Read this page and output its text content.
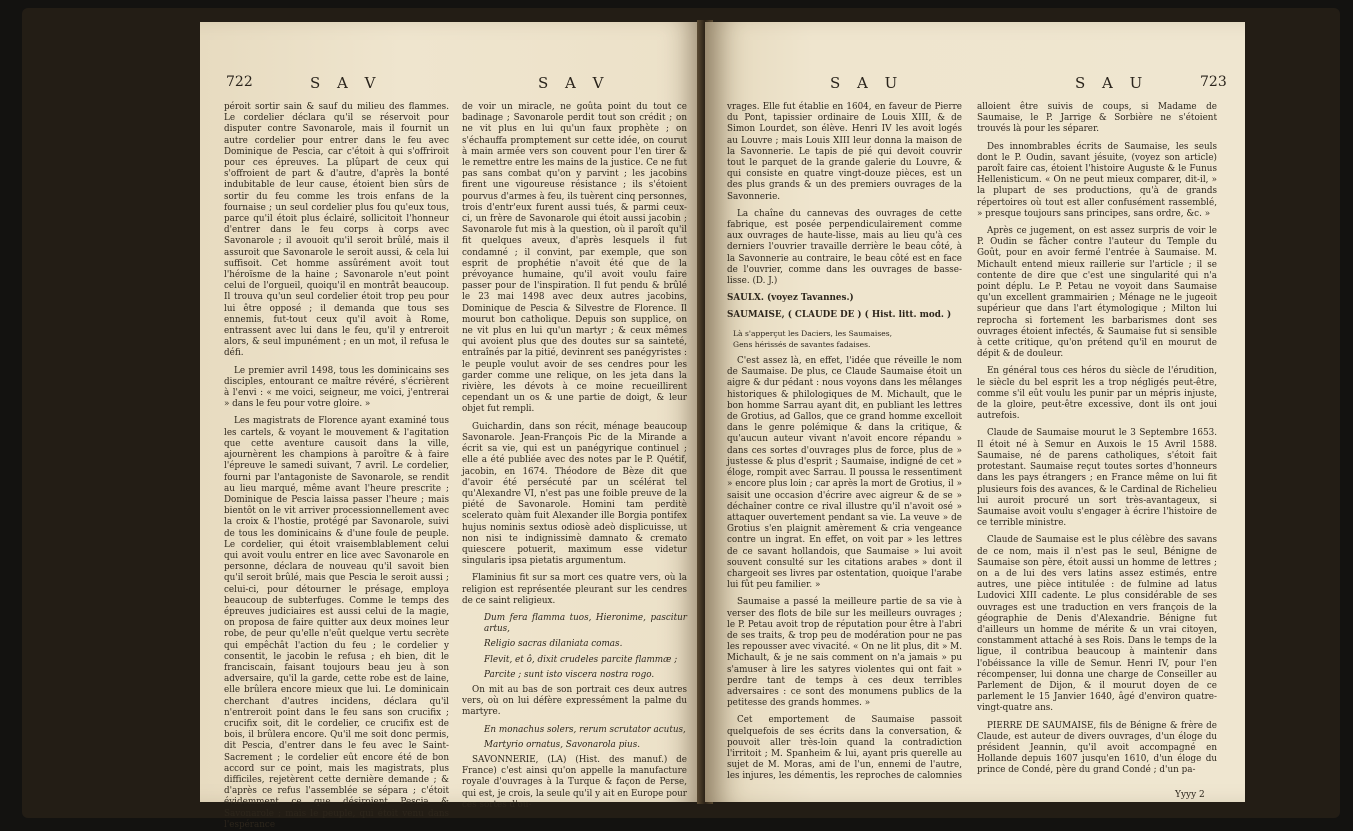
722	S A V	S A V

péroit sortir sain & sauf du milieu des flammes. Le cordelier déclara qu'il se réservoit pour disputer contre Savonarole, mais il fournit un autre cordelier pour entrer dans le feu avec Dominique de Pescia, car c'étoit à qui s'offriroit pour ces épreuves. La plûpart de ceux qui s'offroient de part & d'autre, d'après la bonté indubitable de leur cause, étoient bien sûrs de sortir du feu comme les trois enfans de la fournaise ; un seul cordelier plus fou qu'eux tous, parce qu'il étoit plus éclairé, sollicitoit l'honneur d'entrer dans le feu corps à corps avec Savonarole ; il avouoit qu'il seroit brûlé, mais il assuroit que Savonarole le seroit aussi, & cela lui suffisoit. Cet homme assûrément avoit tout l'héroïsme de la haine ; Savonarole n'eut point celui de l'orgueil, quoiqu'il en montrât beaucoup. Il trouva qu'un seul cordelier étoit trop peu pour lui être opposé ; il demanda que tous ses ennemis, fut-tout ceux qu'il avoit à Rome, entrassent avec lui dans le feu, qu'il y entreroit alors, & seul impunément ; en un mot, il refusa le défi.

Le premier avril 1498, tous les dominicains ses disciples, entourant ce maître révéré, s'écrièrent à l'envi : « me voici, seigneur, me voici, j'entrerai » dans le feu pour votre gloire. »

Les magistrats de Florence ayant examiné tous les cartels, & voyant le mouvement & l'agitation que cette aventure causoit dans la ville, ajournèrent les champions à paroître & à faire l'épreuve le samedi suivant, 7 avril. Le cordelier, fourni par l'antagoniste de Savonarole, se rendit au lieu marqué, même avant l'heure prescrite ; Dominique de Pescia laissa passer l'heure ; mais bientôt on le vit arriver processionnellement avec la croix & l'hostie, protégé par Savonarole, suivi de tous les dominicains & d'une foule de peuple. Le cordelier, qui étoit vraisemblablement celui qui avoit voulu entrer en lice avec Savonarole en personne, déclara de nouveau qu'il savoit bien qu'il seroit brûlé, mais que Pescia le seroit aussi ; celui-ci, pour détourner le présage, employa beaucoup de subterfuges. Comme le temps des épreuves judiciaires est aussi celui de la magie, on proposa de faire quitter aux deux moines leur robe, de peur qu'elle n'eût quelque vertu secrète qui empêchât l'action du feu ; le cordelier y consentit, le jacobin le refusa ; eh bien, dit le franciscain, faisant toujours beau jeu à son adversaire, qu'il la garde, cette robe est de laine, elle brûlera encore mieux que lui. Le dominicain cherchant d'autres incidens, déclara qu'il n'entreroit point dans le feu sans son crucifix ; crucifix soit, dit le cordelier, ce crucifix est de bois, il brûlera encore. Qu'il me soit donc permis, dit Pescia, d'entrer dans le feu avec le Saint-Sacrement ; le cordelier eût encore été de bon accord sur ce point, mais les magistrats, plus difficiles, rejetèrent cette dernière demande ; & d'après ce refus l'assemblée se sépara ; c'étoit évidemment ce que désiroient Pescia & Savonarole ; mais le peuple, qui étoit venu dans l'espérance

de voir un miracle, ne goûta point du tout ce badinage ; Savonarole perdit tout son crédit ; on ne vit plus en lui qu'un faux prophète ; on s'échauffa promptement sur cette idée, on courut à main armée vers son couvent pour l'en tirer & le remettre entre les mains de la justice. Ce ne fut pas sans combat qu'on y parvint ; les jacobins firent une vigoureuse résistance ; ils s'étoient pourvus d'armes à feu, ils tuèrent cinq personnes, trois d'entr'eux furent aussi tués, & parmi ceux-ci, un frère de Savonarole qui étoit aussi jacobin ; Savonarole fut mis à la question, où il paroît qu'il fit quelques aveux, d'après lesquels il fut condamné ; il convint, par exemple, que son esprit de prophétie n'avoit été que de la prévoyance humaine, qu'il avoit voulu faire passer pour de l'inspiration. Il fut pendu & brûlé le 23 mai 1498 avec deux autres jacobins, Dominique de Pescia & Silvestre de Florence. Il mourut bon catholique. Depuis son supplice, on ne vit plus en lui qu'un martyr ; & ceux mêmes qui avoient plus que des doutes sur sa sainteté, entraînés par la pitié, devinrent ses panégyristes : le peuple voulut avoir de ses cendres pour les garder comme une relique, on les jeta dans la rivière, les dévots à ce moine recueillirent cependant un os & une partie de doigt, & leur objet fut rempli.

Guichardin, dans son récit, ménage beaucoup Savonarole. Jean-François Pic de la Mirande a écrit sa vie, qui est un panégyrique continuel ; elle a été publiée avec des notes par le P. Quétif, jacobin, en 1674. Théodore de Bèze dit que d'avoir été persécuté par un scélérat tel qu'Alexandre VI, n'est pas une foible preuve de la piété de Savonarole. Homini tam perditè scelerato quàm fuit Alexander ille Borgia pontifex hujus nominis sextus odiosè adeò displicuisse, ut non nisi te indignissimè damnato & cremato quiescere potuerit, maximum esse videtur singularis ipsa pietatis argumentum.

Flaminius fit sur sa mort ces quatre vers, où la religion est représentée pleurant sur les cendres de ce saint religieux.

Dum fera flamma tuos, Hieronime, pascitur artus,
Religio sacras dilaniata comas.
Flevit, et ô, dixit crudeles parcite flammæ ;
Parcite ; sunt isto viscera nostra rogo.

On mit au bas de son portrait ces deux autres vers, où on lui défère expressément la palme du martyre.

En monachus solers, rerum scrutator acutus,
Martyrio ornatus, Savonarola pius.

SAVONNERIE, (LA) (Hist. des manuf.) de France) c'est ainsi qu'on appelle la manufacture royale d'ouvrages à la Turque & façon de Perse, qui est, je crois, la seule qu'il y ait en Europe pour ces sortes d'ou-

S A U	S A U	723

vrages. Elle fut établie en 1604, en faveur de Pierre du Pont, tapissier ordinaire de Louis XIII, & de Simon Lourdet, son élève. Henri IV les avoit logés au Louvre ; mais Louis XIII leur donna la maison de la Savonnerie. Le tapis de pié qui devoit couvrir tout le parquet de la grande galerie du Louvre, & qui consiste en quatre vingt-douze pièces, est un des plus grands & un des premiers ouvrages de la Savonnerie.

La chaîne du cannevas des ouvrages de cette fabrique, est posée perpendiculairement comme aux ouvrages de haute-lisse, mais au lieu qu'à ces derniers l'ouvrier travaille derrière le beau côté, à la Savonnerie au contraire, le beau côté est en face de l'ouvrier, comme dans les ouvrages de basse-lisse. (D. J.)

SAULX. (voyez Tavannes.)

SAUMAISE, ( CLAUDE DE ) ( Hist. litt. mod. )

Là s'apperçut les Daciers, les Saumaises,
Gens hérissés de savantes fadaises.

C'est assez là, en effet, l'idée que réveille le nom de Saumaise. De plus, ce Claude Saumaise étoit un aigre & dur pédant : nous voyons dans les mêlanges historiques & philologiques de M. Michault, que le bon homme Sarrau ayant dit, en publiant les lettres de Grotius, ad Gallos, que ce grand homme excelloit dans le genre polémique & dans la critique, & qu'aucun auteur vivant n'avoit encore répandu » dans ces sortes d'ouvrages plus de force, plus de » justesse & plus d'esprit ; Saumaise, indigné de cet » éloge, rompit avec Sarrau. Il poussa le ressentiment » encore plus loin ; car après la mort de Grotius, il » saisit une occasion d'écrire avec aigreur & de se » déchaîner contre ce rival illustre qu'il n'avoit osé » attaquer ouvertement pendant sa vie. La veuve » de Grotius s'en plaignit amèrement & cria vengeance contre un ingrat. En effet, on voit par » les lettres de ce savant hollandois, que Saumaise » lui avoit souvent consulté sur les citations arabes » dont il chargeoit ses livres par ostentation, quoique l'arabe lui fût peu familier. »

Saumaise a passé la meilleure partie de sa vie à verser des flots de bile sur les meilleurs ouvrages ; le P. Petau avoit trop de réputation pour être à l'abri de ses traits, & trop peu de modération pour ne pas les repousser avec vivacité. « On ne lit plus, dit » M. Michault, & je ne sais comment on n'a jamais » pu s'amuser à lire les satyres violentes qui ont fait » perdre tant de temps à ces deux terribles adversaires : ce sont des monumens publics de la petitesse des grands hommes. »

Cet emportement de Saumaise passoit quelquefois de ses écrits dans la conversation, & pouvoit aller très-loin quand la contradiction l'irritoit ; M. Spanheim & lui, ayant pris querelle au sujet de M. Moras, ami de l'un, ennemi de l'autre, les injures, les démentis, les reproches de calomnies

alloient être suivis de coups, si Madame de Saumaise, le P. Jarrige & Sorbière ne s'étoient trouvés là pour les séparer.

Des innombrables écrits de Saumaise, les seuls dont le P. Oudin, savant jésuite, (voyez son article) paroît faire cas, étoient l'histoire Auguste & le Funus Hellenisticum. « On ne peut mieux comparer, dit-il, » la plupart de ses productions, qu'à de grands répertoires où tout est aller confusément rassemblé, » presque toujours sans principes, sans ordre, &c. »

Après ce jugement, on est assez surpris de voir le P. Oudin se fâcher contre l'auteur du Temple du Goût, pour en avoir fermé l'entrée à Saumaise. M. Michault entend mieux raillerie sur l'article ; il se contente de dire que c'est une singularité qui n'a point déplu. Le P. Petau ne voyoit dans Saumaise qu'un excellent grammairien ; Ménage ne le jugeoit supérieur que dans l'art étymologique ; Milton lui reprocha si fortement les barbarismes dont ses ouvrages étoient infectés, & Saumaise fut si sensible à cette critique, qu'on prétend qu'il en mourut de dépit & de douleur.

En général tous ces héros du siècle de l'érudition, le siècle du bel esprit les a trop négligés peut-être, comme s'il eût voulu les punir par un mépris injuste, de la gloire, peut-être excessive, dont ils ont joui autrefois.

Claude de Saumaise mourut le 3 Septembre 1653. Il étoit né à Semur en Auxois le 15 Avril 1588. Saumaise, né de parens catholiques, s'étoit fait protestant. Saumaise reçut toutes sortes d'honneurs dans les pays étrangers ; en France même on lui fit plusieurs fois des avances, & le Cardinal de Richelieu lui auroit procuré un sort très-avantageux, si Saumaise avoit voulu s'engager à écrire l'histoire de ce terrible ministre.

Claude de Saumaise est le plus célèbre des savans de ce nom, mais il n'est pas le seul, Bénigne de Saumaise son père, étoit aussi un homme de lettres ; on a de lui des vers latins assez estimés, entre autres, une pièce intitulée : de fulmine ad latus Ludovici XIII cadente. Le plus considérable de ses ouvrages est une traduction en vers françois de la géographie de Denis d'Alexandrie. Bénigne fut d'ailleurs un homme de mérite & un vrai citoyen, constamment attaché à ses Rois. Dans le temps de la ligue, il contribua beaucoup à maintenir dans l'obéissance la ville de Semur. Henri IV, pour l'en récompenser, lui donna une charge de Conseiller au Parlement de Dijon, & il mourut doyen de ce parlement le 15 Janvier 1640, âgé d'environ quatre-vingt-quatre ans.

PIERRE DE SAUMAISE, fils de Bénigne & frère de Claude, est auteur de divers ouvrages, d'un éloge du président Jeannin, qu'il avoit accompagné en Hollande depuis 1607 jusqu'en 1610, d'un éloge du prince de Condé, père du grand Condé ; d'un pa-

Yyyy 2
